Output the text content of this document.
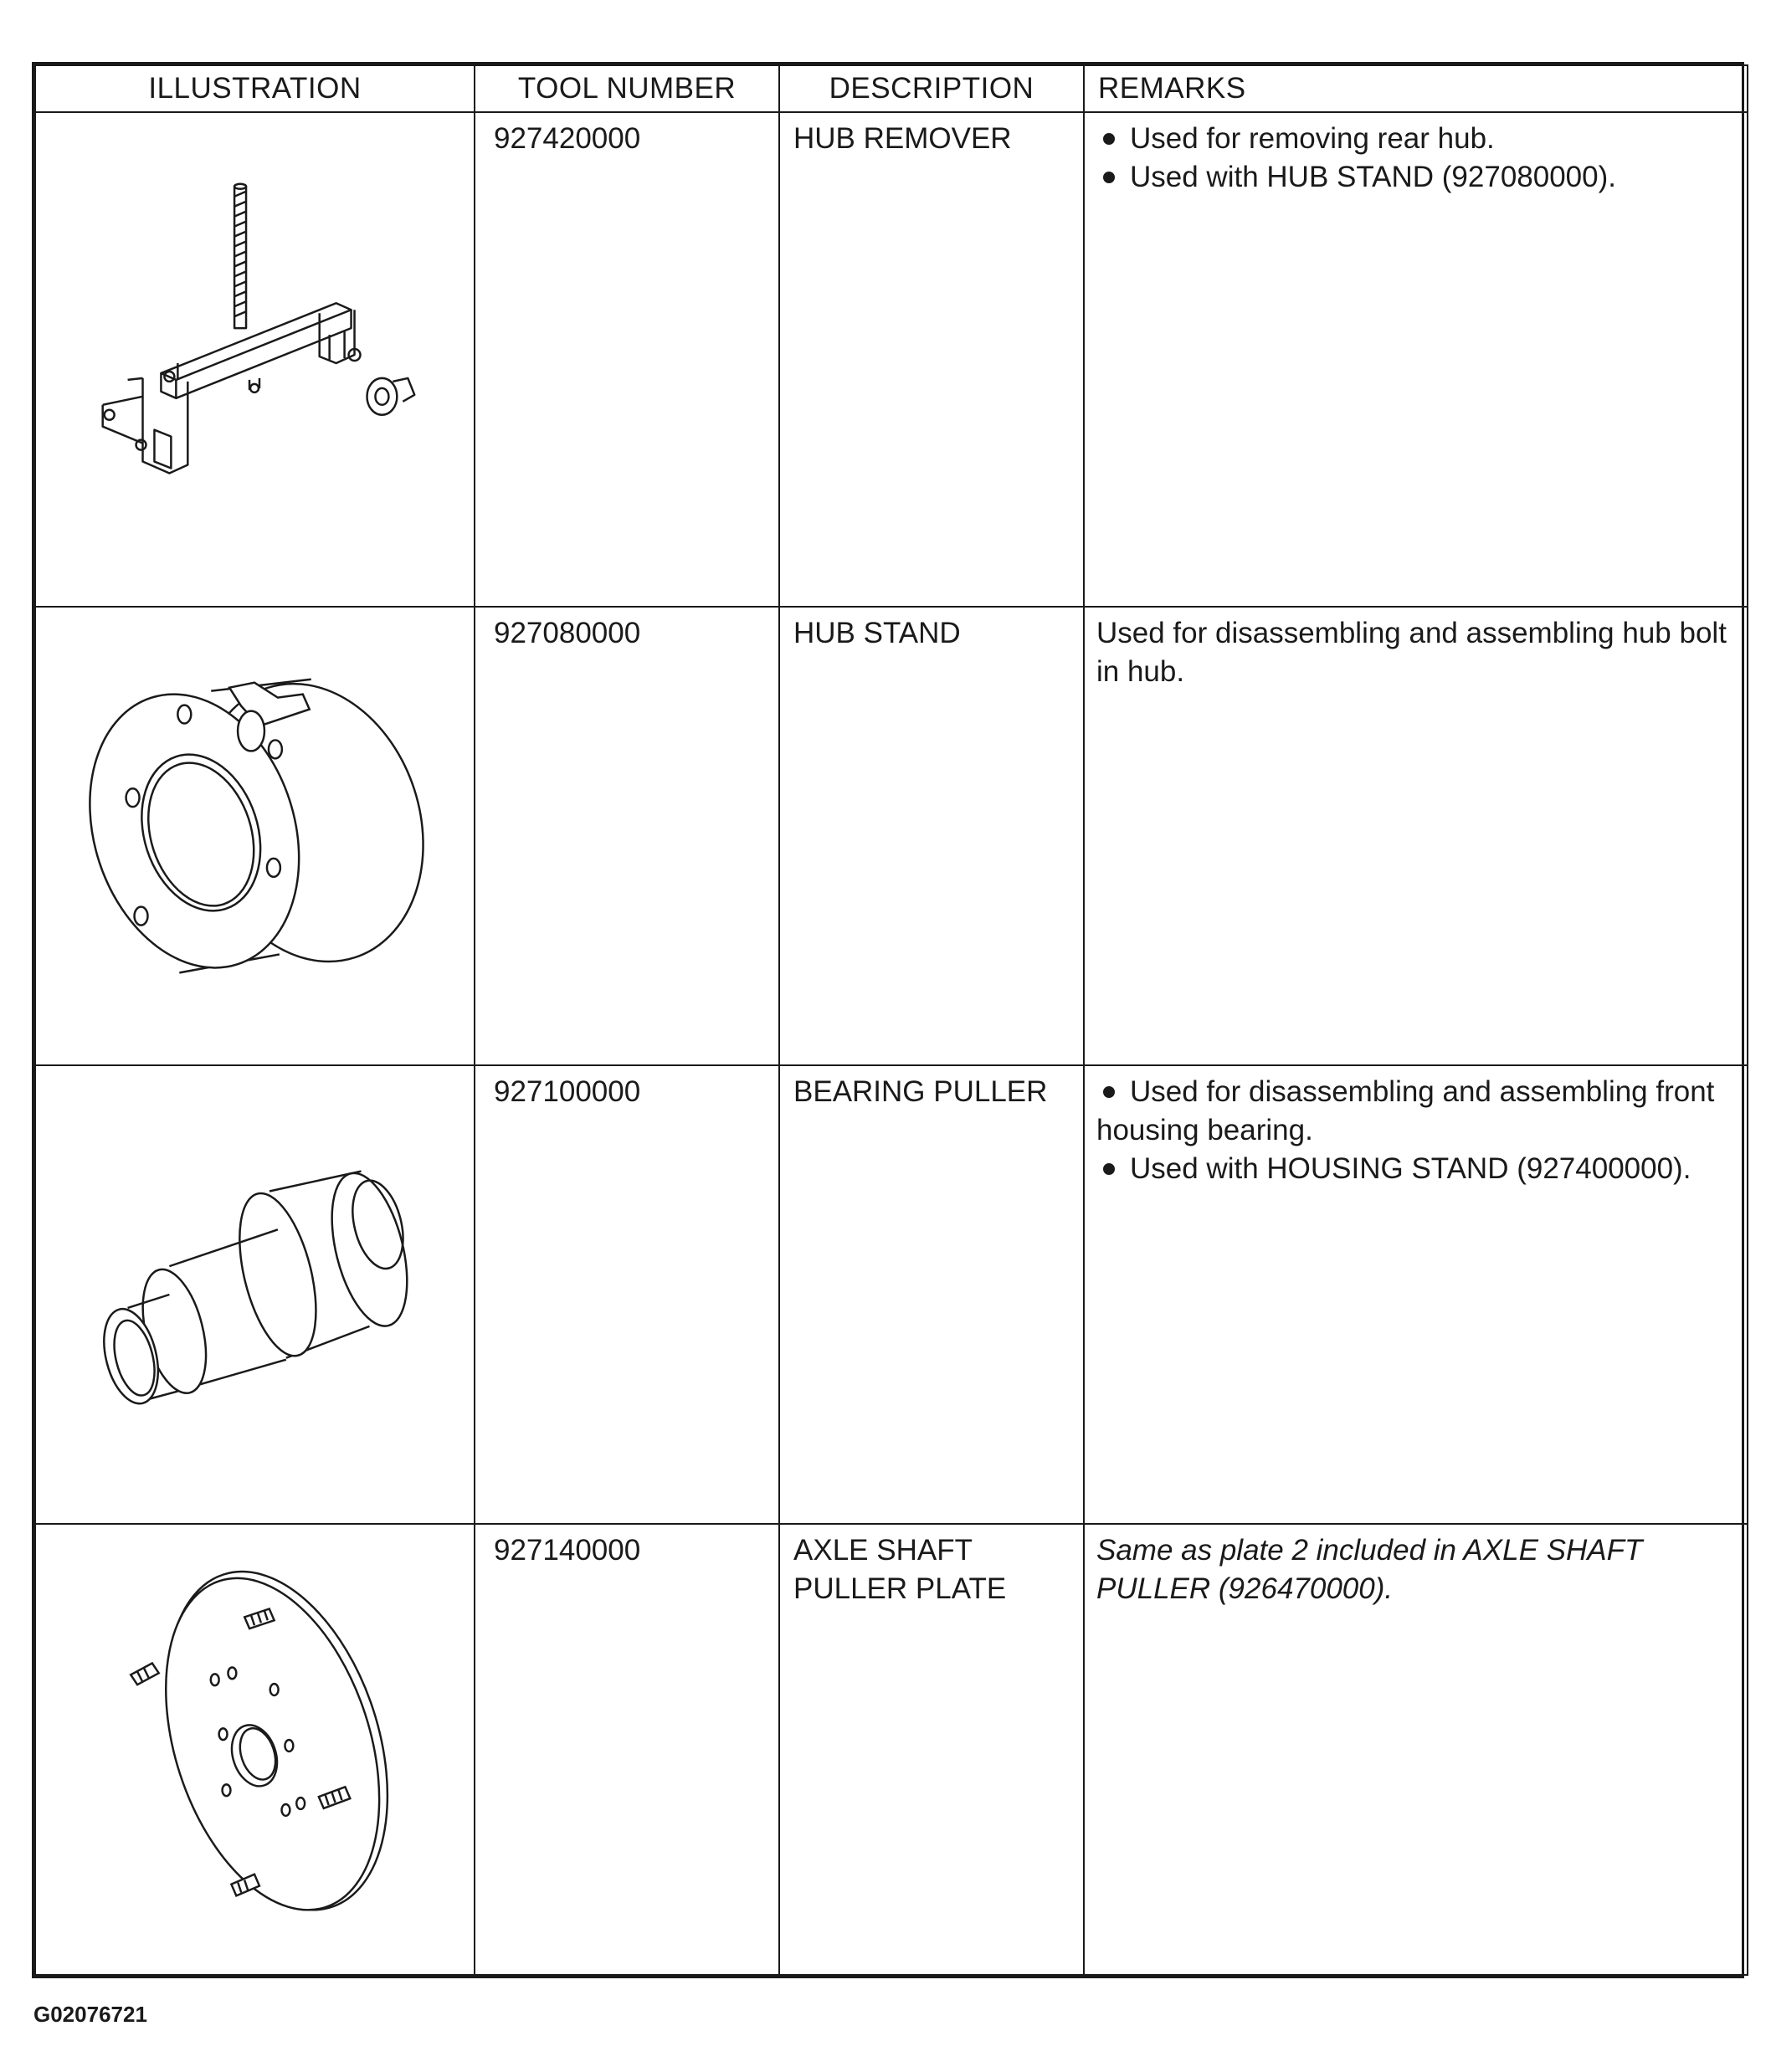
ILLUSTRATION	TOOL NUMBER	DESCRIPTION	REMARKS

	927420000	HUB REMOVER	Used for removing rear hub.
Used with HUB STAND (927080000).

	927080000	HUB STAND	Used for disassembling and assembling hub bolt in hub.

	927100000	BEARING PULLER	Used for disassembling and assembling front housing bearing.
Used with HOUSING STAND (927400000).

	927140000	AXLE SHAFT
PULLER PLATE	Same as plate 2 included in AXLE SHAFT PULLER (926470000).
G02076721
